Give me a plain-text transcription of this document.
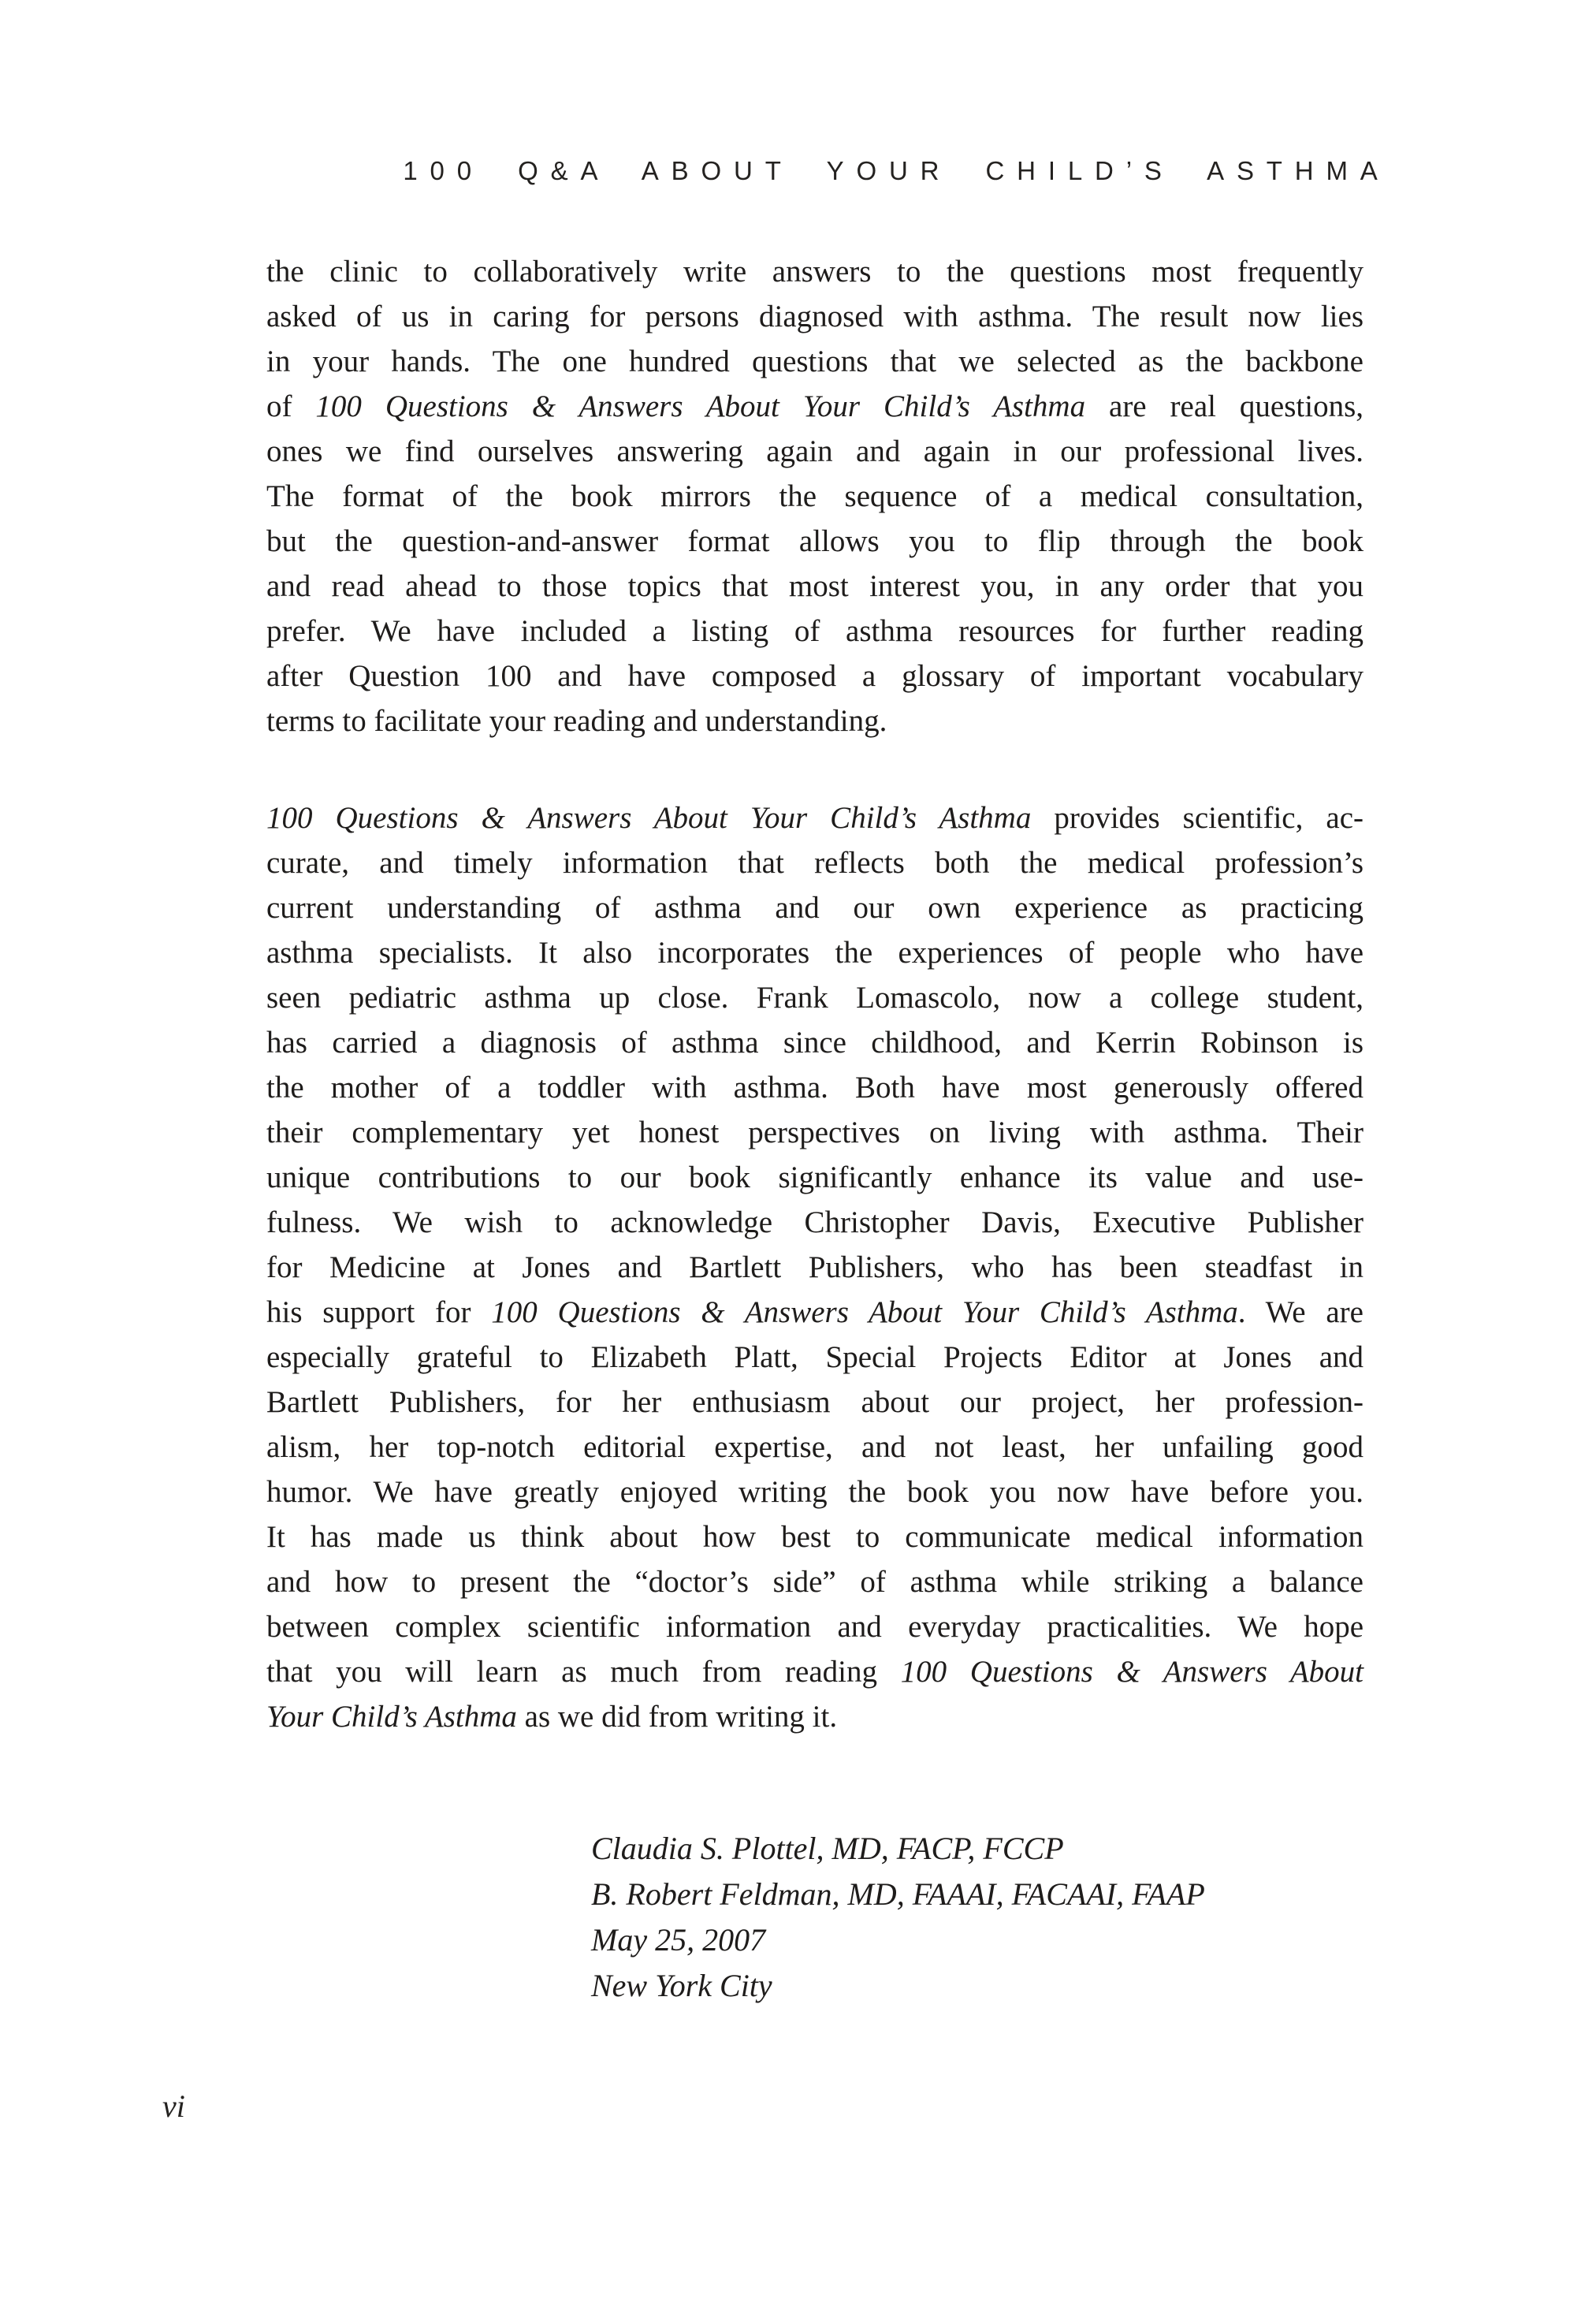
100 Q&A ABOUT YOUR CHILD’S ASTHMA
the clinic to collaboratively write answers to the questions most frequently
asked of us in caring for persons diagnosed with asthma. The result now lies
in your hands. The one hundred questions that we selected as the backbone
of 100 Questions & Answers About Your Child’s Asthma are real questions,
ones we find ourselves answering again and again in our professional lives.
The format of the book mirrors the sequence of a medical consultation,
but the question-and-answer format allows you to flip through the book
and read ahead to those topics that most interest you, in any order that you
prefer. We have included a listing of asthma resources for further reading
after Question 100 and have composed a glossary of important vocabulary
terms to facilitate your reading and understanding.
100 Questions & Answers About Your Child’s Asthma provides scientific, ac-
curate, and timely information that reflects both the medical profession’s
current understanding of asthma and our own experience as practicing
asthma specialists. It also incorporates the experiences of people who have
seen pediatric asthma up close. Frank Lomascolo, now a college student,
has carried a diagnosis of asthma since childhood, and Kerrin Robinson is
the mother of a toddler with asthma. Both have most generously offered
their complementary yet honest perspectives on living with asthma. Their
unique contributions to our book significantly enhance its value and use-
fulness. We wish to acknowledge Christopher Davis, Executive Publisher
for Medicine at Jones and Bartlett Publishers, who has been steadfast in
his support for 100 Questions & Answers About Your Child’s Asthma. We are
especially grateful to Elizabeth Platt, Special Projects Editor at Jones and
Bartlett Publishers, for her enthusiasm about our project, her profession-
alism, her top-notch editorial expertise, and not least, her unfailing good
humor. We have greatly enjoyed writing the book you now have before you.
It has made us think about how best to communicate medical information
and how to present the “doctor’s side” of asthma while striking a balance
between complex scientific information and everyday practicalities. We hope
that you will learn as much from reading 100 Questions & Answers About
Your Child’s Asthma as we did from writing it.
Claudia S. Plottel, MD, FACP, FCCP
B. Robert Feldman, MD, FAAAI, FACAAI, FAAP
May 25, 2007
New York City
vi
